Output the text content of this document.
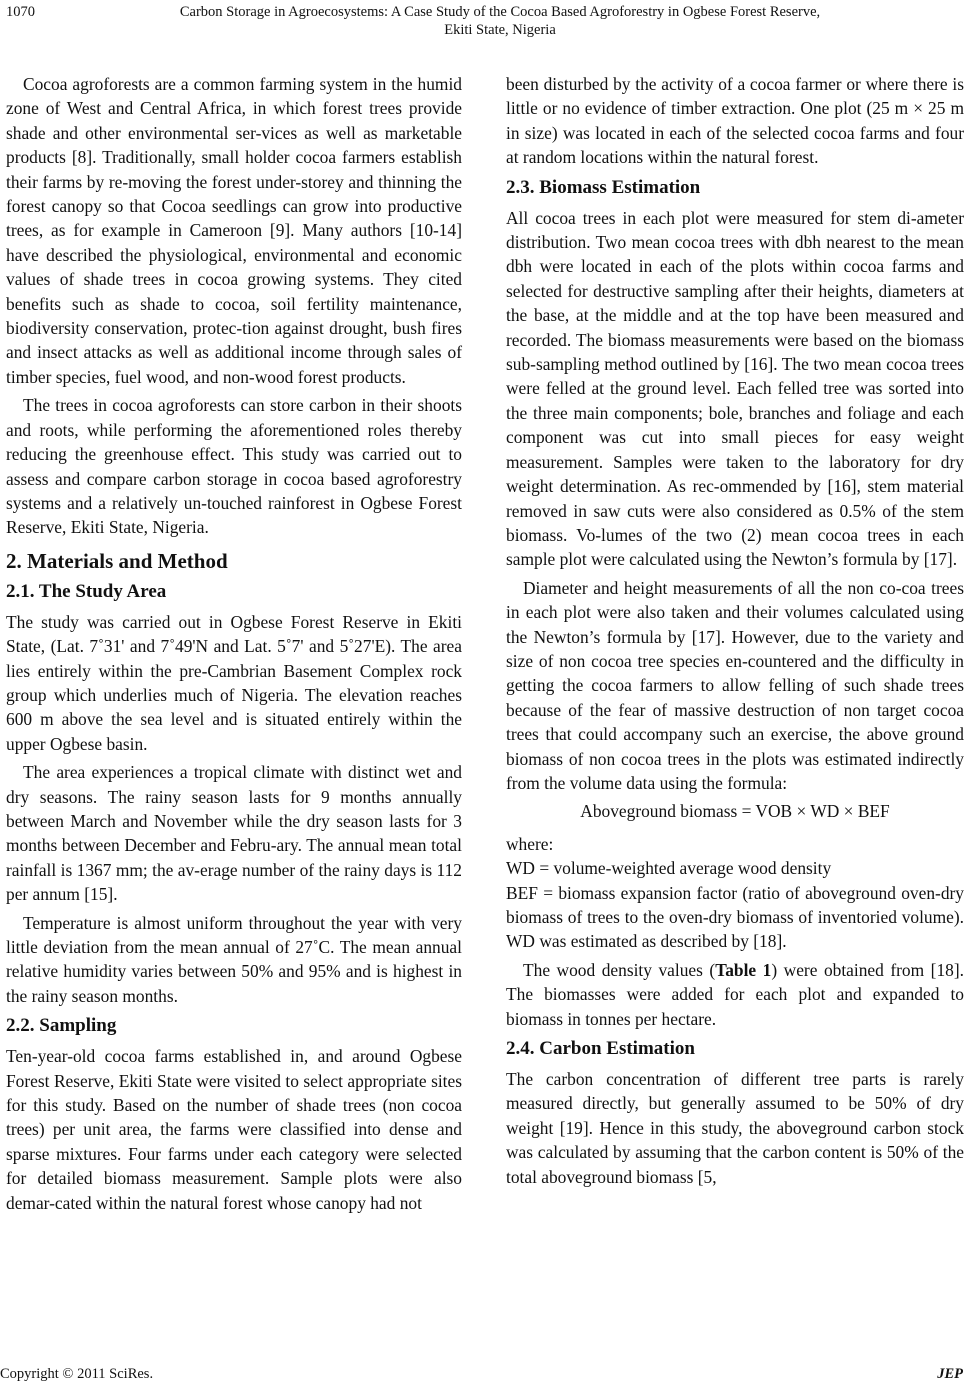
1070	Carbon Storage in Agroecosystems: A Case Study of the Cocoa Based Agroforestry in Ogbese Forest Reserve,
Ekiti State, Nigeria

Cocoa agroforests are a common farming system in the humid zone of West and Central Africa, in which forest trees provide shade and other environmental ser-vices as well as marketable products [8]. Traditionally, small holder cocoa farmers establish their farms by re-moving the forest under-storey and thinning the forest canopy so that Cocoa seedlings can grow into productive trees, as for example in Cameroon [9]. Many authors [10-14] have described the physiological, environmental and economic values of shade trees in cocoa growing systems. They cited benefits such as shade to cocoa, soil fertility maintenance, biodiversity conservation, protec-tion against drought, bush fires and insect attacks as well as additional income through sales of timber species, fuel wood, and non-wood forest products.

The trees in cocoa agroforests can store carbon in their shoots and roots, while performing the aforementioned roles thereby reducing the greenhouse effect. This study was carried out to assess and compare carbon storage in cocoa based agroforestry systems and a relatively un-touched rainforest in Ogbese Forest Reserve, Ekiti State, Nigeria.

2. Materials and Method
2.1. The Study Area

The study was carried out in Ogbese Forest Reserve in Ekiti State, (Lat. 7˚31' and 7˚49'N and Lat. 5˚7' and 5˚27'E). The area lies entirely within the pre-Cambrian Basement Complex rock group which underlies much of Nigeria. The elevation reaches 600 m above the sea level and is situated entirely within the upper Ogbese basin.

The area experiences a tropical climate with distinct wet and dry seasons. The rainy season lasts for 9 months annually between March and November while the dry season lasts for 3 months between December and Febru-ary. The annual mean total rainfall is 1367 mm; the av-erage number of the rainy days is 112 per annum [15].

Temperature is almost uniform throughout the year with very little deviation from the mean annual of 27˚C. The mean annual relative humidity varies between 50% and 95% and is highest in the rainy season months.

2.2. Sampling

Ten-year-old cocoa farms established in, and around Ogbese Forest Reserve, Ekiti State were visited to select appropriate sites for this study. Based on the number of shade trees (non cocoa trees) per unit area, the farms were classified into dense and sparse mixtures. Four farms under each category were selected for detailed biomass measurement. Sample plots were also demar-cated within the natural forest whose canopy had not

been disturbed by the activity of a cocoa farmer or where there is little or no evidence of timber extraction. One plot (25 m × 25 m in size) was located in each of the selected cocoa farms and four at random locations within the natural forest.

2.3. Biomass Estimation

All cocoa trees in each plot were measured for stem di-ameter distribution. Two mean cocoa trees with dbh nearest to the mean dbh were located in each of the plots within cocoa farms and selected for destructive sampling after their heights, diameters at the base, at the middle and at the top have been measured and recorded. The biomass measurements were based on the biomass sub-sampling method outlined by [16]. The two mean cocoa trees were felled at the ground level. Each felled tree was sorted into the three main components; bole, branches and foliage and each component was cut into small pieces for easy weight measurement. Samples were taken to the laboratory for dry weight determination. As rec-ommended by [16], stem material removed in saw cuts were also considered as 0.5% of the stem biomass. Vo-lumes of the two (2) mean cocoa trees in each sample plot were calculated using the Newton’s formula by [17].

Diameter and height measurements of all the non co-coa trees in each plot were also taken and their volumes calculated using the Newton’s formula by [17]. However, due to the variety and size of non cocoa tree species en-countered and the difficulty in getting the cocoa farmers to allow felling of such shade trees because of the fear of massive destruction of non target cocoa trees that could accompany such an exercise, the above ground biomass of non cocoa trees in the plots was estimated indirectly from the volume data using the formula:

Aboveground biomass = VOB × WD × BEF

where:

WD = volume-weighted average wood density

BEF = biomass expansion factor (ratio of aboveground oven-dry biomass of trees to the oven-dry biomass of inventoried volume). WD was estimated as described by [18].

The wood density values (Table 1) were obtained from [18]. The biomasses were added for each plot and expanded to biomass in tonnes per hectare.

2.4. Carbon Estimation

The carbon concentration of different tree parts is rarely measured directly, but generally assumed to be 50% of dry weight [19]. Hence in this study, the aboveground carbon stock was calculated by assuming that the carbon content is 50% of the total aboveground biomass [5,

Copyright © 2011 SciRes.	JEP
